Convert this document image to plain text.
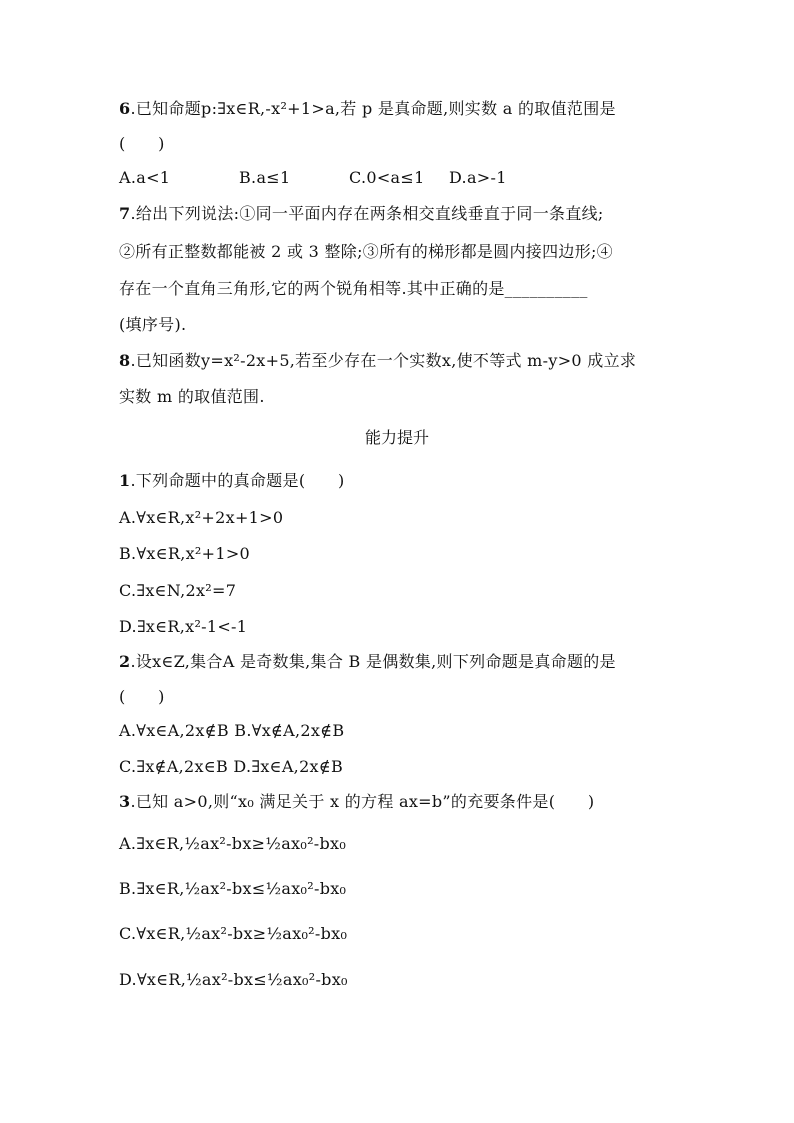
6.已知命题p:∃x∈R,-x²+1>a,若 p 是真命题,则实数 a 的取值范围是
(　　)
A.a<1	B.a≤1	C.0<a≤1 D.a>-1
7.给出下列说法:①同一平面内存在两条相交直线垂直于同一条直线;
②所有正整数都能被 2 或 3 整除;③所有的梯形都是圆内接四边形;④
存在一个直角三角形,它的两个锐角相等.其中正确的是__________
(填序号).
8.已知函数y=x²-2x+5,若至少存在一个实数x,使不等式 m-y>0 成立求
实数 m 的取值范围.
能力提升
1.下列命题中的真命题是(　　)
A.∀x∈R,x²+2x+1>0
B.∀x∈R,x²+1>0
C.∃x∈N,2x²=7
D.∃x∈R,x²-1<-1
2.设x∈Z,集合A 是奇数集,集合 B 是偶数集,则下列命题是真命题的是
(　　)
A.∀x∈A,2x∉B B.∀x∉A,2x∉B
C.∃x∉A,2x∈B D.∃x∈A,2x∉B
3.已知 a>0,则“x₀ 满足关于 x 的方程 ax=b”的充要条件是(　　)
A.∃x∈R,½ax²-bx≥½ax₀²-bx₀
B.∃x∈R,½ax²-bx≤½ax₀²-bx₀
C.∀x∈R,½ax²-bx≥½ax₀²-bx₀
D.∀x∈R,½ax²-bx≤½ax₀²-bx₀
